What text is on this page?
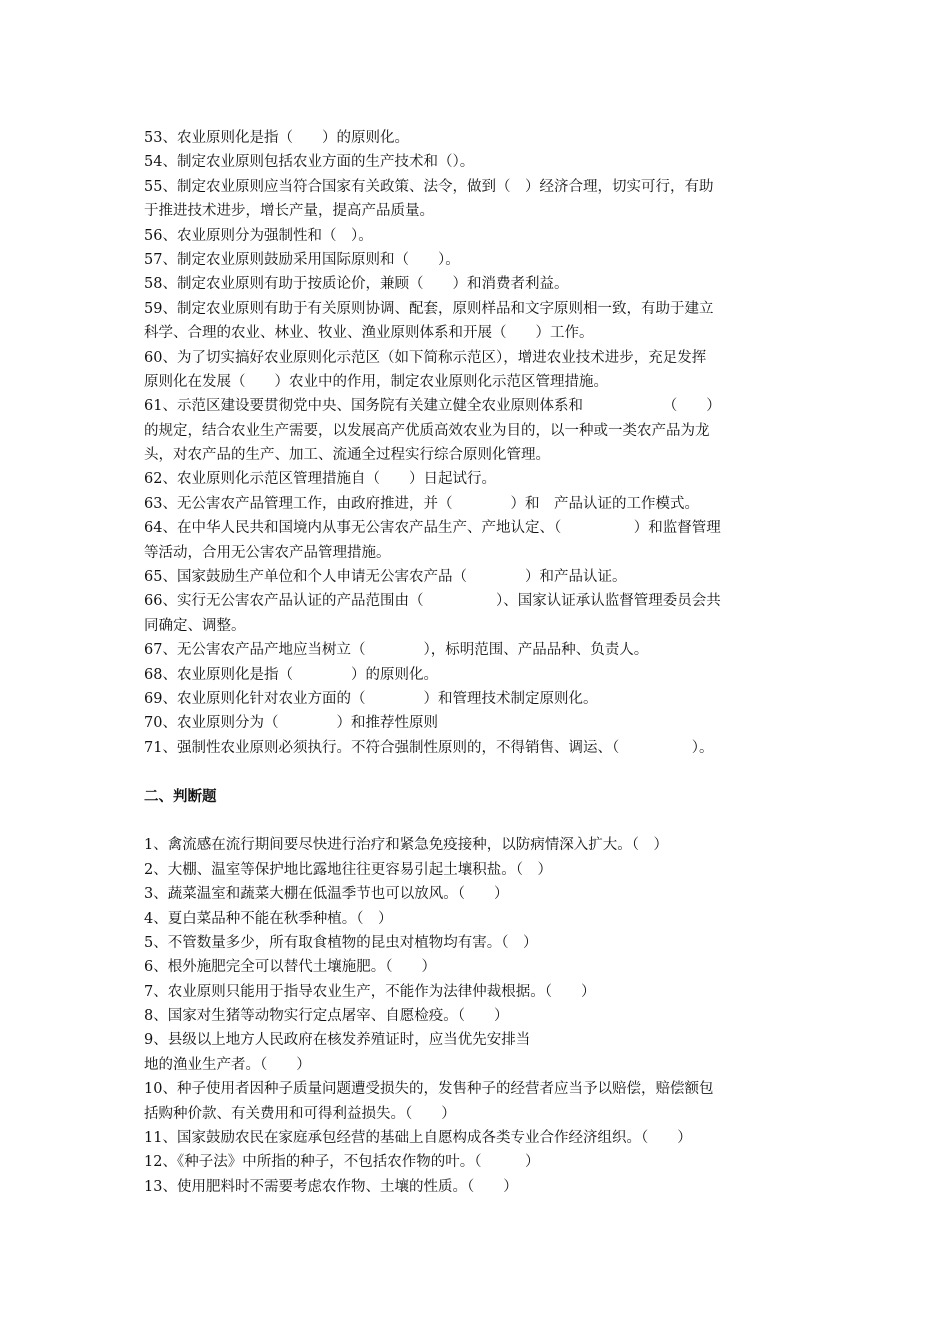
53、农业原则化是指（　　）的原则化。
54、制定农业原则包括农业方面的生产技术和（）。
55、制定农业原则应当符合国家有关政策、法令，做到（　）经济合理，切实可行，有助
于推进技术进步，增长产量，提高产品质量。
56、农业原则分为强制性和（　）。
57、制定农业原则鼓励采用国际原则和（　　）。
58、制定农业原则有助于按质论价，兼顾（　　）和消费者利益。
59、制定农业原则有助于有关原则协调、配套，原则样品和文字原则相一致，有助于建立
科学、合理的农业、林业、牧业、渔业原则体系和开展（　　）工作。
60、为了切实搞好农业原则化示范区（如下简称示范区），增进农业技术进步，充足发挥
原则化在发展（　　）农业中的作用，制定农业原则化示范区管理措施。
61、示范区建设要贯彻党中央、国务院有关建立健全农业原则体系和　　　　　　（　　）
的规定，结合农业生产需要，以发展高产优质高效农业为目的，以一种或一类农产品为龙
头，对农产品的生产、加工、流通全过程实行综合原则化管理。
62、农业原则化示范区管理措施自（　　）日起试行。
63、无公害农产品管理工作，由政府推进，并（　　　　）和　产品认证的工作模式。
64、在中华人民共和国境内从事无公害农产品生产、产地认定、（　　　　　）和监督管理
等活动，合用无公害农产品管理措施。
65、国家鼓励生产单位和个人申请无公害农产品（　　　　）和产品认证。
66、实行无公害农产品认证的产品范围由（　　　　　）、国家认证承认监督管理委员会共
同确定、调整。
67、无公害农产品产地应当树立（　　　　），标明范围、产品品种、负责人。
68、农业原则化是指（　　　　）的原则化。
69、农业原则化针对农业方面的（　　　　）和管理技术制定原则化。
70、农业原则分为（　　　　）和推荐性原则
71、强制性农业原则必须执行。不符合强制性原则的，不得销售、调运、（　　　　　）。
二、判断题
1、禽流感在流行期间要尽快进行治疗和紧急免疫接种，以防病情深入扩大。（　）
2、大棚、温室等保护地比露地往往更容易引起土壤积盐。（　）
3、蔬菜温室和蔬菜大棚在低温季节也可以放风。（　　）
4、夏白菜品种不能在秋季种植。（　）
5、不管数量多少，所有取食植物的昆虫对植物均有害。（　）
6、根外施肥完全可以替代土壤施肥。（　　）
7、农业原则只能用于指导农业生产，不能作为法律仲裁根据。（　　）
8、国家对生猪等动物实行定点屠宰、自愿检疫。（　　）
9、县级以上地方人民政府在核发养殖证时，应当优先安排当
地的渔业生产者。（　　）
10、种子使用者因种子质量问题遭受损失的，发售种子的经营者应当予以赔偿，赔偿额包
括购种价款、有关费用和可得利益损失。（　　）
11、国家鼓励农民在家庭承包经营的基础上自愿构成各类专业合作经济组织。（　　）
12、《种子法》中所指的种子，不包括农作物的叶。（　　　）
13、使用肥料时不需要考虑农作物、土壤的性质。（　　）
